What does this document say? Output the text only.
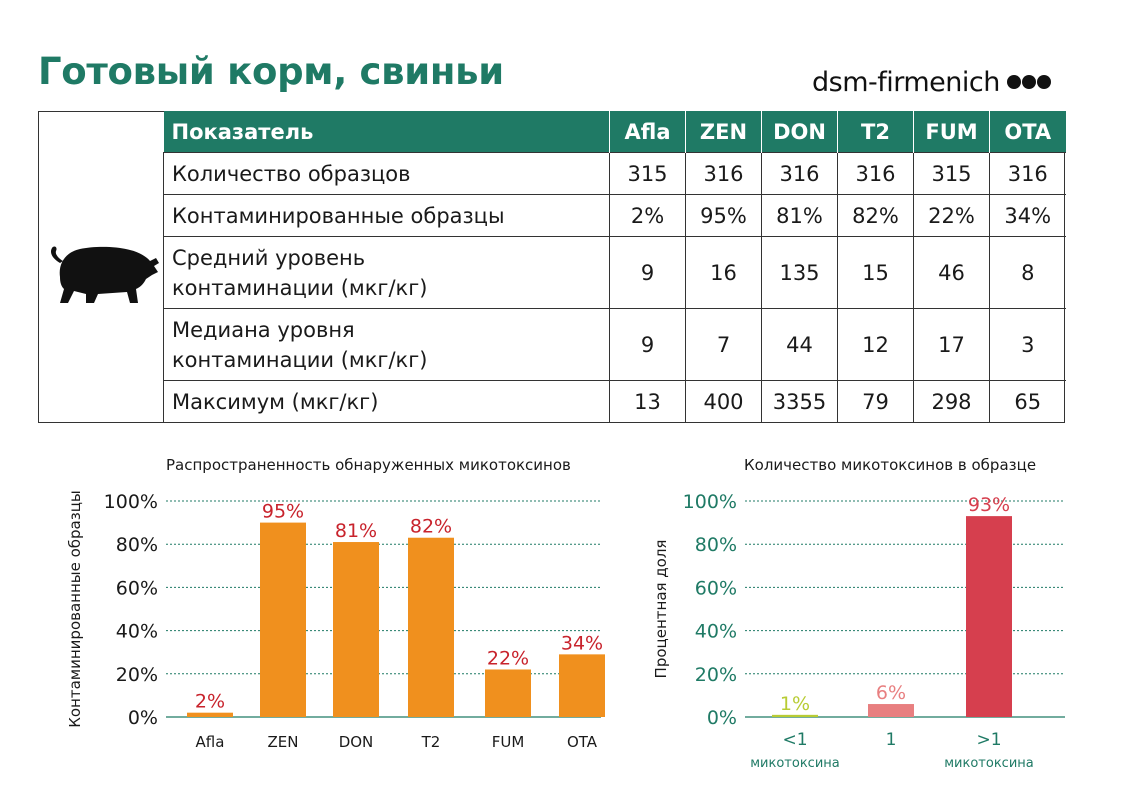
Готовый корм, свиньи	dsm-firmenich
Показатель	Afla	ZEN	DON	T2	FUM	OTA

Количество образцов	315	316	316	316	315	316

Контаминированные образцы	2%	95%	81%	82%	22%	34%

Средний уровень
контаминации (мкг/кг)	9	16	135	15	46	8

Медиана уровня
контаминации (мкг/кг)	9	7	44	12	17	3

Максимум (мкг/кг)	13	400	3355	79	298	65
Распространенность обнаруженных микотоксинов	Количество микотоксинов в образце
0%
20%
40%
60%
80%
100%
Контаминированные образцы	2%
Afla
95%
ZEN
81%
DON
82%
T2
22%
FUM
34%
OTA
0%
20%
40%
60%
80%
100%
Процентная доля
1%
<1
микотоксина
6%
1
93%
>1
микотоксина
